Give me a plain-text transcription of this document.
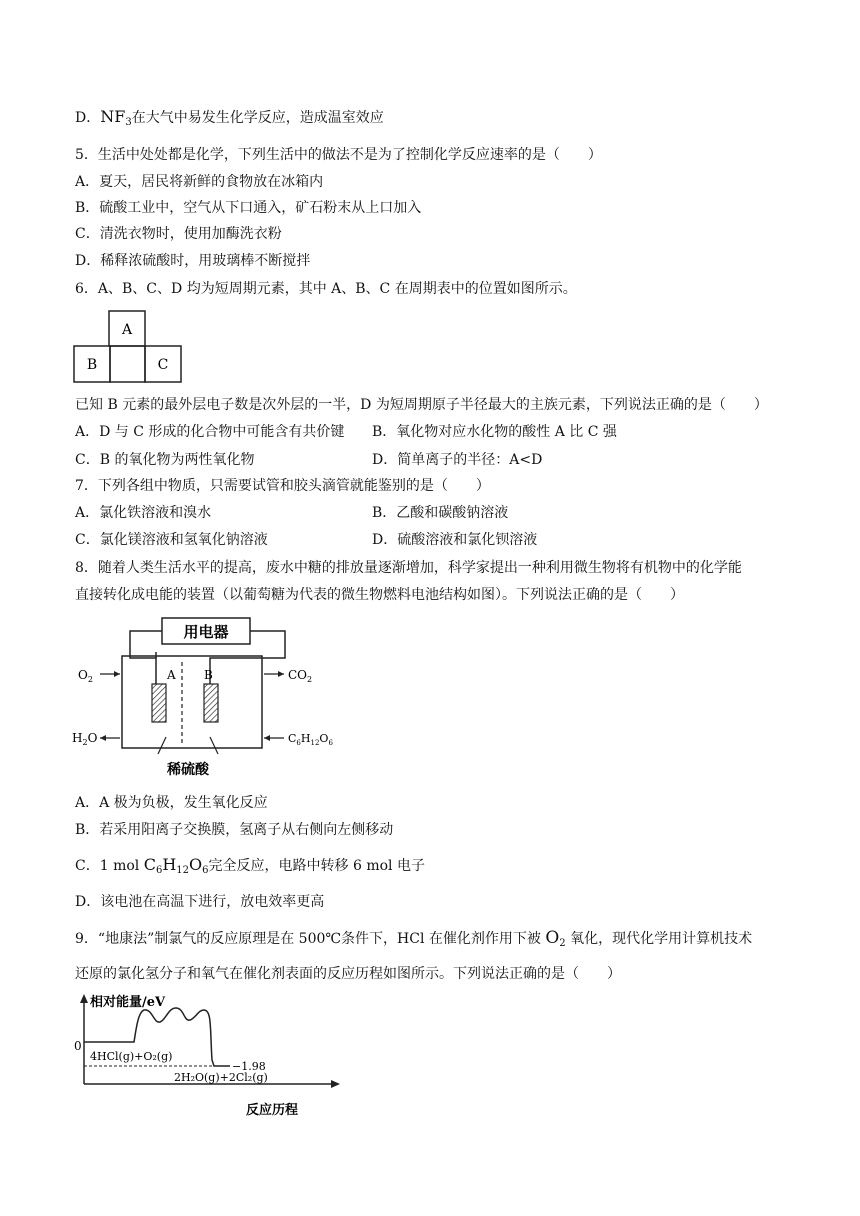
D．$NF_3$在大气中易发生化学反应，造成温室效应
5．生活中处处都是化学，下列生活中的做法不是为了控制化学反应速率的是（　　）
A．夏天，居民将新鲜的食物放在冰箱内
B．硫酸工业中，空气从下口通入，矿石粉末从上口加入
C．清洗衣物时，使用加酶洗衣粉
D．稀释浓硫酸时，用玻璃棒不断搅拌
6．A、B、C、D 均为短周期元素，其中 A、B、C 在周期表中的位置如图所示。
A
B	C
已知 B 元素的最外层电子数是次外层的一半，D 为短周期原子半径最大的主族元素，下列说法正确的是（　　）
A．D 与 C 形成的化合物中可能含有共价键 B．氧化物对应水化物的酸性 A 比 C 强
C．B 的氧化物为两性氧化物	D．简单离子的半径：A<D
7．下列各组中物质，只需要试管和胶头滴管就能鉴别的是（　　）
A．氯化铁溶液和溴水	B．乙酸和碳酸钠溶液
C．氯化镁溶液和氢氧化钠溶液	D．硫酸溶液和氯化钡溶液
8．随着人类生活水平的提高，废水中糖的排放量逐渐增加，科学家提出一种利用微生物将有机物中的化学能
直接转化成电能的装置（以葡萄糖为代表的微生物燃料电池结构如图）。下列说法正确的是（　　）
用电器
A B
$O_2$
$H_2O$
$CO_2$
$C_6H_{12}O_6$
稀硫酸
A．A 极为负极，发生氧化反应
B．若采用阳离子交换膜，氢离子从右侧向左侧移动
C．1 mol $C_6H_{12}O_6$完全反应，电路中转移 6 mol 电子
D．该电池在高温下进行，放电效率更高
9．“地康法”制氯气的反应原理是在 500℃条件下，HCl 在催化剂作用下被 $O_2$ 氧化，现代化学用计算机技术
还原的氯化氢分子和氧气在催化剂表面的反应历程如图所示。下列说法正确的是（　　）
相对能量/eV
反应历程
0
−1.98
4HCl(g)+O₂(g)
2H₂O(g)+2Cl₂(g)
